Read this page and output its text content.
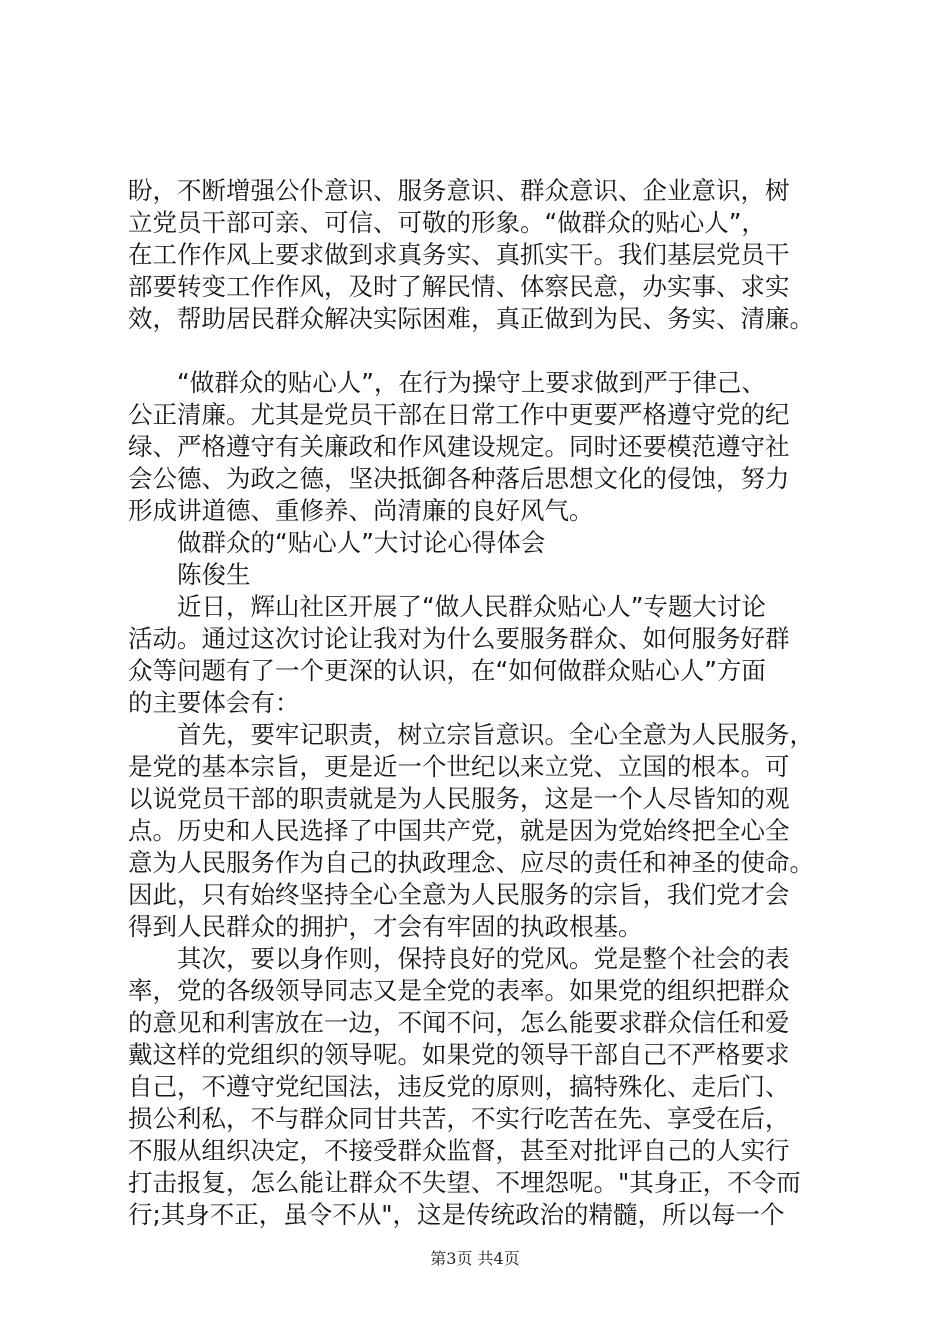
盼，不断增强公仆意识、服务意识、群众意识、企业意识，树
立党员干部可亲、可信、可敬的形象。“做群众的贴心人”，
在工作作风上要求做到求真务实、真抓实干。我们基层党员干
部要转变工作作风，及时了解民情、体察民意，办实事、求实
效，帮助居民群众解决实际困难，真正做到为民、务实、清廉。
　　“做群众的贴心人”，在行为操守上要求做到严于律己、
公正清廉。尤其是党员干部在日常工作中更要严格遵守党的纪
绿、严格遵守有关廉政和作风建设规定。同时还要模范遵守社
会公德、为政之德，坚决抵御各种落后思想文化的侵蚀，努力
形成讲道德、重修养、尚清廉的良好风气。
　　做群众的“贴心人”大讨论心得体会
　　陈俊生
　　近日，辉山社区开展了“做人民群众贴心人”专题大讨论
活动。通过这次讨论让我对为什么要服务群众、如何服务好群
众等问题有了一个更深的认识，在“如何做群众贴心人”方面
的主要体会有：
　　首先，要牢记职责，树立宗旨意识。全心全意为人民服务，
是党的基本宗旨，更是近一个世纪以来立党、立国的根本。可
以说党员干部的职责就是为人民服务，这是一个人尽皆知的观
点。历史和人民选择了中国共产党，就是因为党始终把全心全
意为人民服务作为自己的执政理念、应尽的责任和神圣的使命。
因此，只有始终坚持全心全意为人民服务的宗旨，我们党才会
得到人民群众的拥护，才会有牢固的执政根基。
　　其次，要以身作则，保持良好的党风。党是整个社会的表
率，党的各级领导同志又是全党的表率。如果党的组织把群众
的意见和利害放在一边，不闻不问，怎么能要求群众信任和爱
戴这样的党组织的领导呢。如果党的领导干部自己不严格要求
自己，不遵守党纪国法，违反党的原则，搞特殊化、走后门、
损公利私，不与群众同甘共苦，不实行吃苦在先、享受在后，
不服从组织决定，不接受群众监督，甚至对批评自己的人实行
打击报复，怎么能让群众不失望、不埋怨呢。"其身正，不令而
行;其身不正，虽令不从"，这是传统政治的精髓，所以每一个
第3页 共4页
